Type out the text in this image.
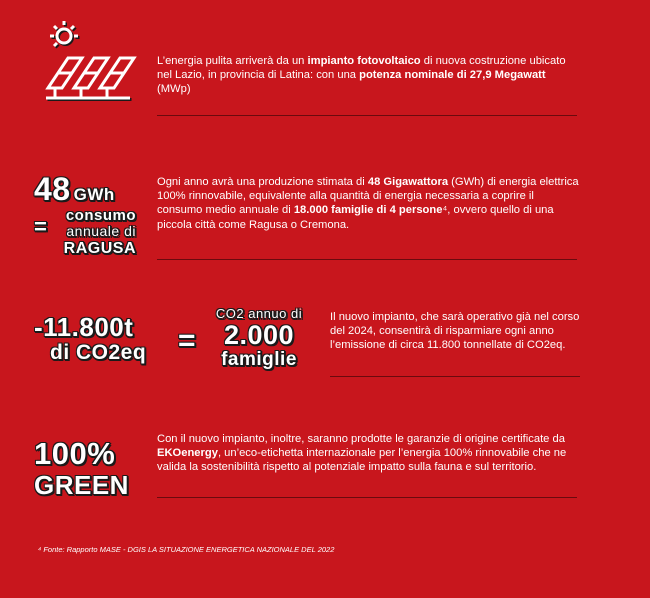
L’energia pulita arriverà da un impianto fotovoltaico di nuova costruzione ubicato nel Lazio, in provincia di Latina: con una potenza nominale di 27,9 Megawatt (MWp)
48 GWh
=	consumo
annuale di
RAGUSA
Ogni anno avrà una produzione stimata di 48 Gigawattora (GWh) di energia elettrica 100% rinnovabile, equivalente alla quantità di energia necessaria a coprire il consumo medio annuale di 18.000 famiglie di 4 persone⁴, ovvero quello di una piccola città come Ragusa o Cremona.
-11.800t
di CO2eq =
CO2 annuo di
2.000
famiglie
Il nuovo impianto, che sarà operativo già nel corso del 2024, consentirà di risparmiare ogni anno l’emissione di circa 11.800 tonnellate di CO2eq.
100%
GREEN
Con il nuovo impianto, inoltre, saranno prodotte le garanzie di origine certificate da EKOenergy, un’eco-etichetta internazionale per l’energia 100% rinnovabile che ne valida la sostenibilità rispetto al potenziale impatto sulla fauna e sul territorio.
⁴ Fonte: Rapporto MASE - DGIS LA SITUAZIONE ENERGETICA NAZIONALE DEL 2022
